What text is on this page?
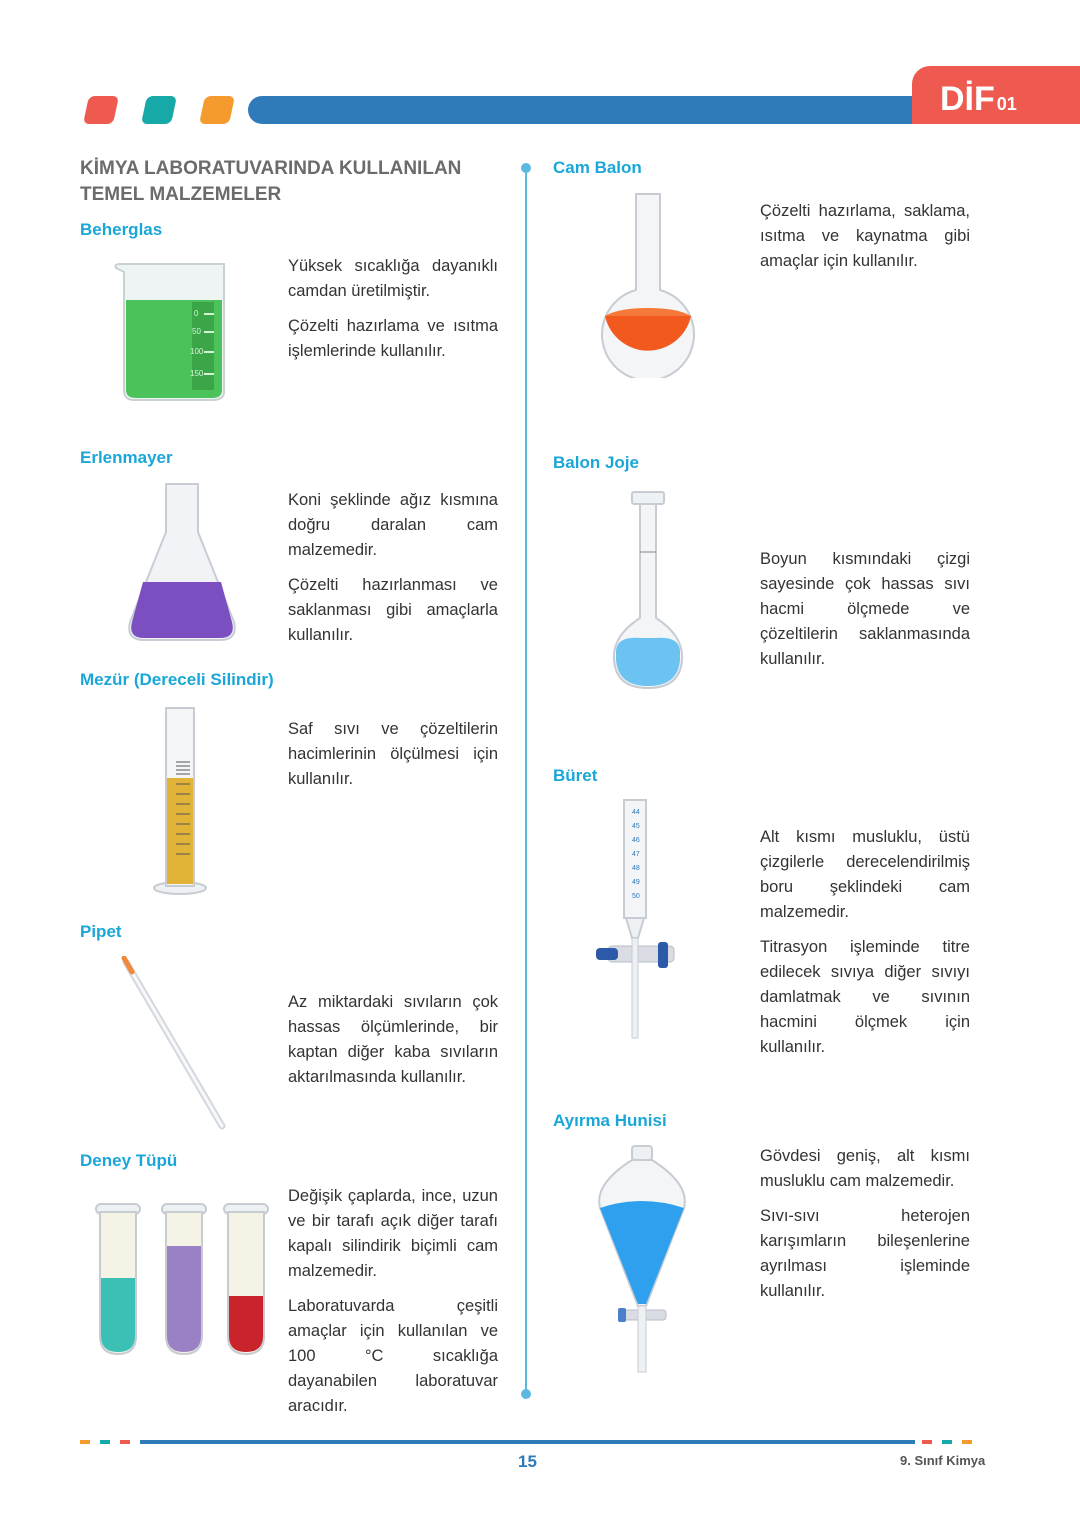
DİF 01
KİMYA LABORATUVARINDA KULLANILAN
TEMEL MALZEMELER
Beherglas
0
50
100
150

Yüksek sıcaklığa dayanıklı camdan üretilmiştir.

Çözelti hazırlama ve ısıtma işlemlerinde kullanılır.

Erlenmayer

Koni şeklinde ağız kısmına doğru daralan cam malzemedir.

Çözelti hazırlanması ve saklanması gibi amaçlarla kullanılır.

Mezür (Dereceli Silindir)

Saf sıvı ve çözeltilerin hacimlerinin ölçülmesi için kullanılır.

Pipet

Az miktardaki sıvıların çok hassas ölçümlerinde, bir kaptan diğer kaba sıvıların aktarılmasında kullanılır.

Deney Tüpü

Değişik çaplarda, ince, uzun ve bir tarafı açık diğer tarafı kapalı silindirik biçimli cam malzemedir.

Laboratuvarda çeşitli amaçlar için kullanılan ve 100 °C sıcaklığa dayanabilen laboratuvar aracıdır.

Cam Balon

Çözelti hazırlama, saklama, ısıtma ve kaynatma gibi amaçlar için kullanılır.

Balon Joje

Boyun kısmındaki çizgi sayesinde çok hassas sıvı hacmi ölçmede ve çözeltilerin saklanmasında kullanılır.

Büret
44
45
46
47
48
49
50

Alt kısmı musluklu, üstü çizgilerle derecelendirilmiş boru şeklindeki cam malzemedir.

Titrasyon işleminde titre edilecek sıvıya diğer sıvıyı damlatmak ve sıvının hacmini ölçmek için kullanılır.

Ayırma Hunisi

Gövdesi geniş, alt kısmı musluklu cam malzemedir.

Sıvı-sıvı heterojen karışımların bileşenlerine ayrılması işleminde kullanılır.

15	9. Sınıf Kimya
